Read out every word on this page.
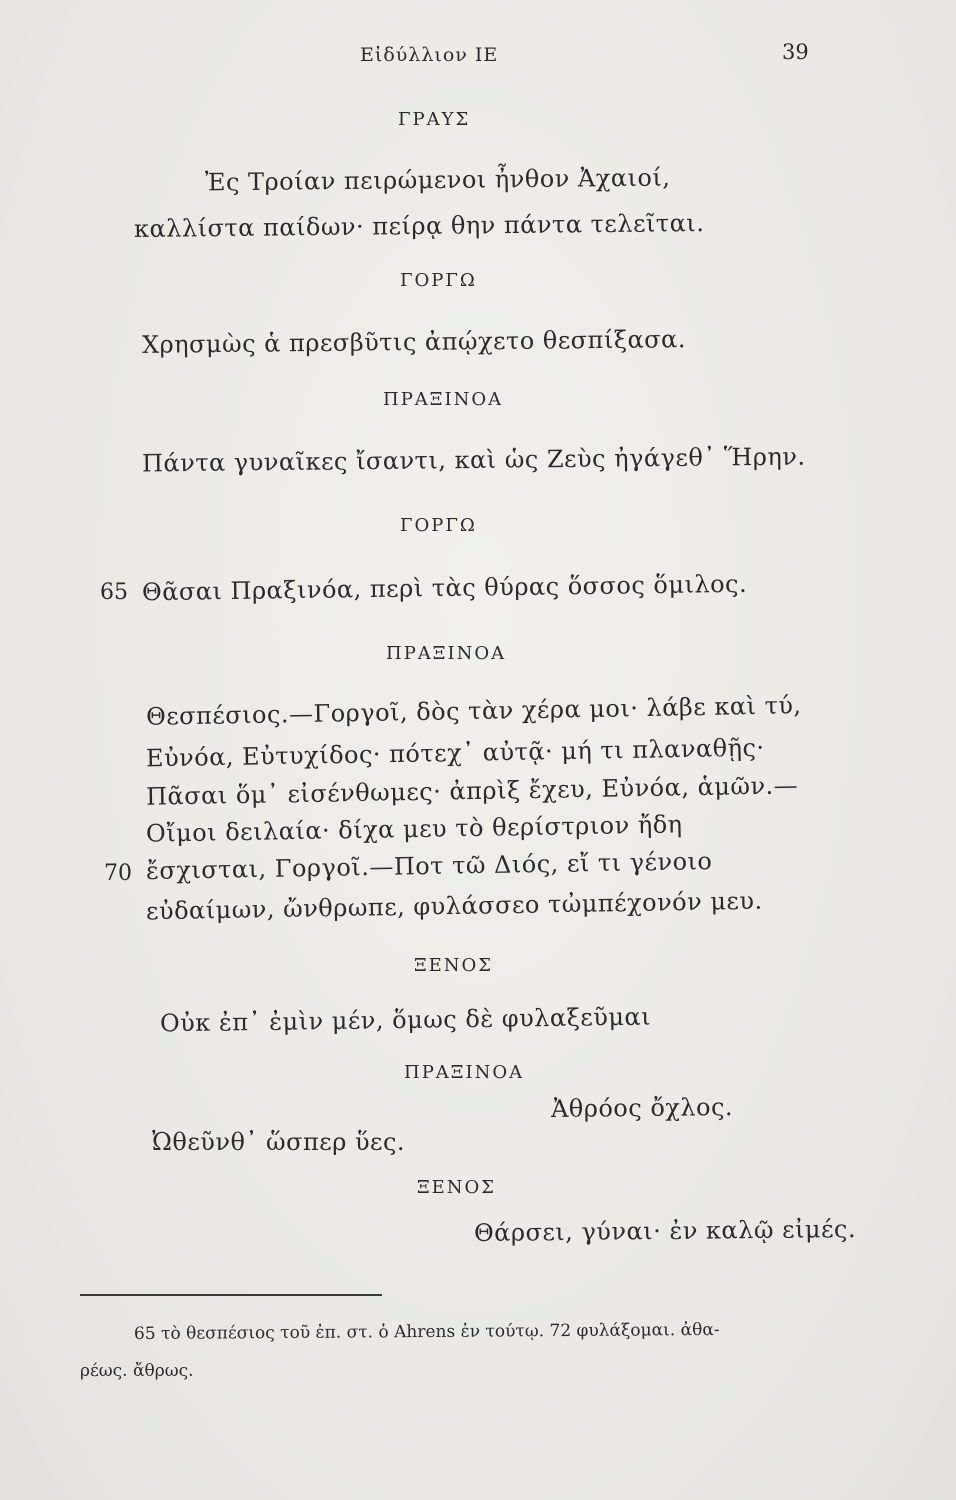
Εἰδύλλιον ΙΕ	39
ΓΡΑΥΣ
Ἐς Τροίαν πειρώμενοι ἦνθον Ἀχαιοί,
καλλίστα παίδων· πείρᾳ θην πάντα τελεῖται.
ΓΟΡΓΩ
Χρησμὼς ἁ πρεσβῦτις ἀπῴχετο θεσπίξασα.
ΠΡΑΞΙΝΟΑ
Πάντα γυναῖκες ἴσαντι, καὶ ὡς Ζεὺς ἠγάγεθ᾽ Ἥρην.
ΓΟΡΓΩ
65 Θᾶσαι Πραξινόα, περὶ τὰς θύρας ὅσσος ὅμιλος.
ΠΡΑΞΙΝΟΑ
Θεσπέσιος.—Γοργοῖ, δὸς τὰν χέρα μοι· λάβε καὶ τύ,
Εὐνόα, Εὐτυχίδος· πότεχ᾽ αὐτᾷ· μή τι πλαναθῇς·
Πᾶσαι ὅμ᾽ εἰσένθωμες· ἀπρὶξ ἔχευ, Εὐνόα, ἁμῶν.—
Οἴμοι δειλαία· δίχα μευ τὸ θερίστριον ἤδη
70 ἔσχισται, Γοργοῖ.—Ποτ τῶ Διός, εἴ τι γένοιο
εὐδαίμων, ὤνθρωπε, φυλάσσεο τὠμπέχονόν μευ.
ΞΕΝΟΣ
Οὐκ ἐπ᾽ ἐμὶν μέν, ὅμως δὲ φυλαξεῦμαι
ΠΡΑΞΙΝΟΑ
Ἀθρόος ὄχλος.
Ὠθεῦνθ᾽ ὥσπερ ὕες.
ΞΕΝΟΣ
Θάρσει, γύναι· ἐν καλῷ εἰμές.
65 τὸ θεσπέσιος τοῦ ἐπ. στ. ὁ Ahrens ἐν τούτῳ. 72 φυλάξομαι. ἀθα-
ρέως. ἄθρως.
